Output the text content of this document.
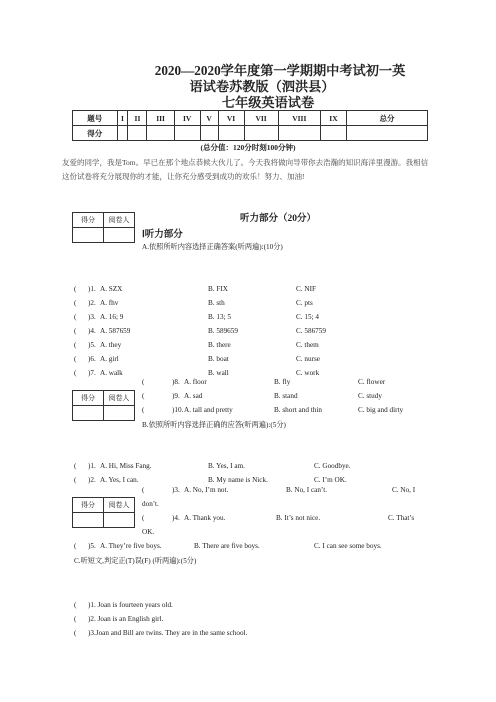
2020—2020学年度第一学期期中考试初一英
语试卷苏教版（泗洪县）
七年级英语试卷
题号	I	II	III	IV	V	VI	VII	VIII	IX	总分
得分										
(总分值：120分时刻100分钟)
友爱的同学，我是Tom。早已在那个地点恭候大伙儿了。今天我将做向导带你去浩瀚的知识海洋里漫游。我相信这份试卷将充分展现你的才能，让你充分感受到成功的欢乐！努力、加油!
得分	阅卷人
		听力部分（20分）
Ⅰ听力部分
A.依照所听内容选择正确答案(听两遍):(10分)
( )1. A. SZX	B. FIX	C. NIF
( )2. A. fhv	B. sth	C. pts
( )3. A. 16; 9	B. 13; 5	C. 15; 4
( )4. A. 587659	B. 589659	C. 586759
( )5. A. they	B. there	C. them
( )6. A. girl	B. boat	C. nurse
( )7. A. walk	B. wall	C. work
得分	阅卷人

(	)8. A. floor	B. fly	C. flower
(	)9. A. sad	B. stand	C. study
(	)10. A. tall and pretty	B. short and thin	C. big and dirty
B.依照所听内容选择正确的应答(听两遍):(5分)
( )1. A. Hi, Miss Fang.	B. Yes, I am.	C. Goodbye.
( )2. A. Yes, I can.	B. My name is Nick.	C. I’m OK.
得分	阅卷人

(	)3. A. No, I’m not.	B. No, I can’t.	C. No, I
don’t.
(	)4. A. Thank you.	B. It’s not nice.	C. That’s
OK.
( )5. A. They’re five boys.	B. There are five boys.	C. I can see some boys.
C.听短文,判定正(T)误(F) (听两遍):(5分)
( )1. Joan is fourteen years old.
( )2. Joan is an English girl.
( )3.Joan and Bill are twins. They are in the same school.
